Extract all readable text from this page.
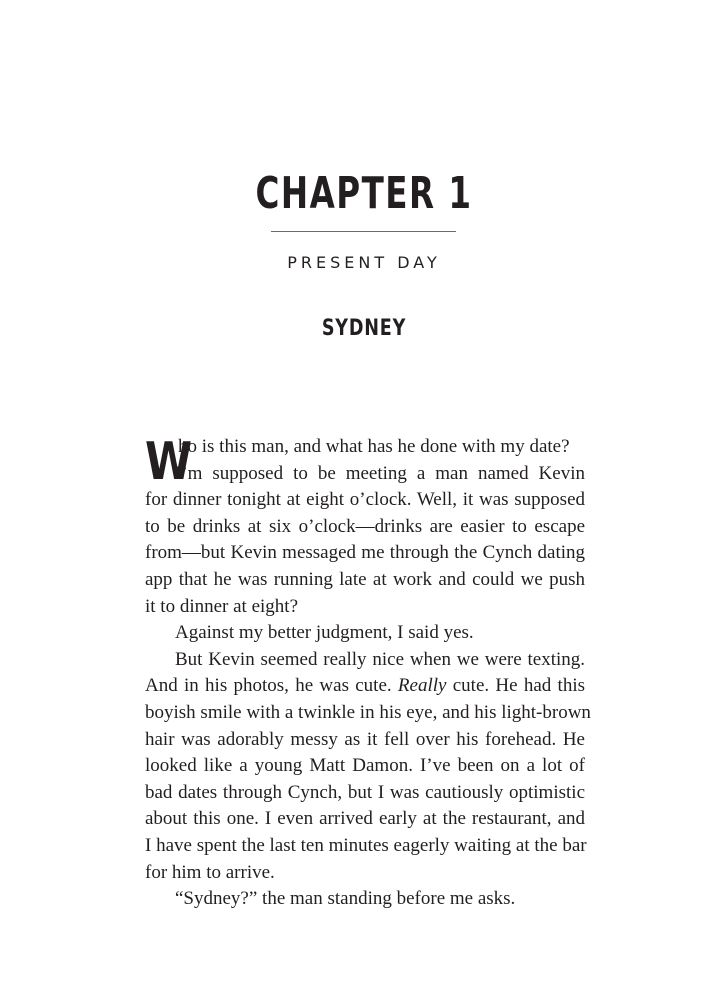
CHAPTER 1
PRESENT DAY
SYDNEY
W
ho is this man, and what has he done with my date?
I’m supposed to be meeting a man named Kevin
for dinner tonight at eight o’clock. Well, it was supposed
to be drinks at six o’clock—drinks are easier to escape
from—but Kevin messaged me through the Cynch dating
app that he was running late at work and could we push
it to dinner at eight?
Against my better judgment, I said yes.
But Kevin seemed really nice when we were texting.
And in his photos, he was cute. Really cute. He had this
boyish smile with a twinkle in his eye, and his light-brown
hair was adorably messy as it fell over his forehead. He
looked like a young Matt Damon. I’ve been on a lot of
bad dates through Cynch, but I was cautiously optimistic
about this one. I even arrived early at the restaurant, and
I have spent the last ten minutes eagerly waiting at the bar
for him to arrive.
“Sydney?” the man standing before me asks.
